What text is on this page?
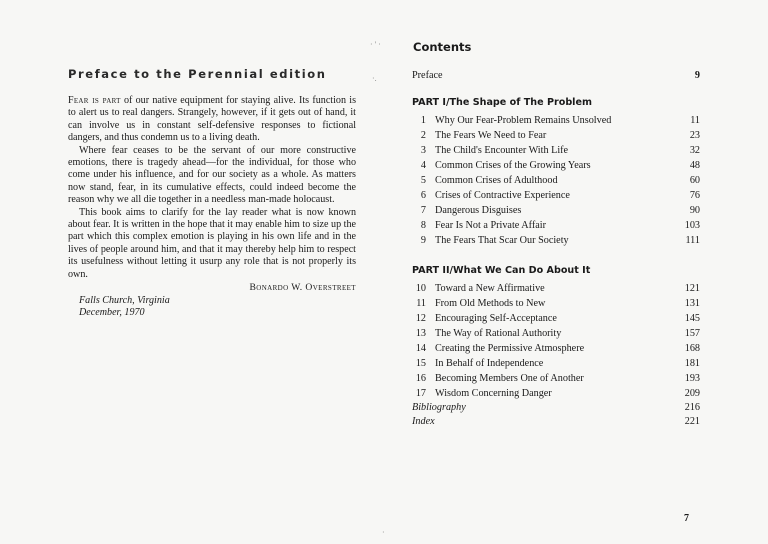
Preface to the Perennial edition

Fear is part of our native equipment for staying alive. Its function is to alert us to real dangers. Strangely, however, if it gets out of hand, it can involve us in constant self-defensive responses to fictional dangers, and thus condemn us to a living death.

Where fear ceases to be the servant of our more constructive emotions, there is tragedy ahead—for the individual, for those who come under his influence, and for our society as a whole. As matters now stand, fear, in its cumulative effects, could indeed become the reason why we all die together in a needless man-made holocaust.

This book aims to clarify for the lay reader what is now known about fear. It is written in the hope that it may enable him to size up the part which this complex emotion is playing in his own life and in the lives of people around him, and that it may thereby help him to respect its usefulness without letting it usurp any role that is not properly its own.

Bonardo W. Overstreet

Falls Church, Virginia

December, 1970

Contents
Preface	9
PART I/The Shape of The Problem
1 Why Our Fear-Problem Remains Unsolved	11
2 The Fears We Need to Fear	23
3 The Child's Encounter With Life	32
4 Common Crises of the Growing Years	48
5 Common Crises of Adulthood	60
6 Crises of Contractive Experience	76
7 Dangerous Disguises	90
8 Fear Is Not a Private Affair	103
9 The Fears That Scar Our Society	111
PART II/What We Can Do About It
10 Toward a New Affirmative	121
11 From Old Methods to New	131
12 Encouraging Self-Acceptance	145
13 The Way of Rational Authority	157
14 Creating the Permissive Atmosphere	168
15 In Behalf of Independence	181
16 Becoming Members One of Another	193
17 Wisdom Concerning Danger	209
Bibliography	216
Index	221
7
· ' ·
·.
·
